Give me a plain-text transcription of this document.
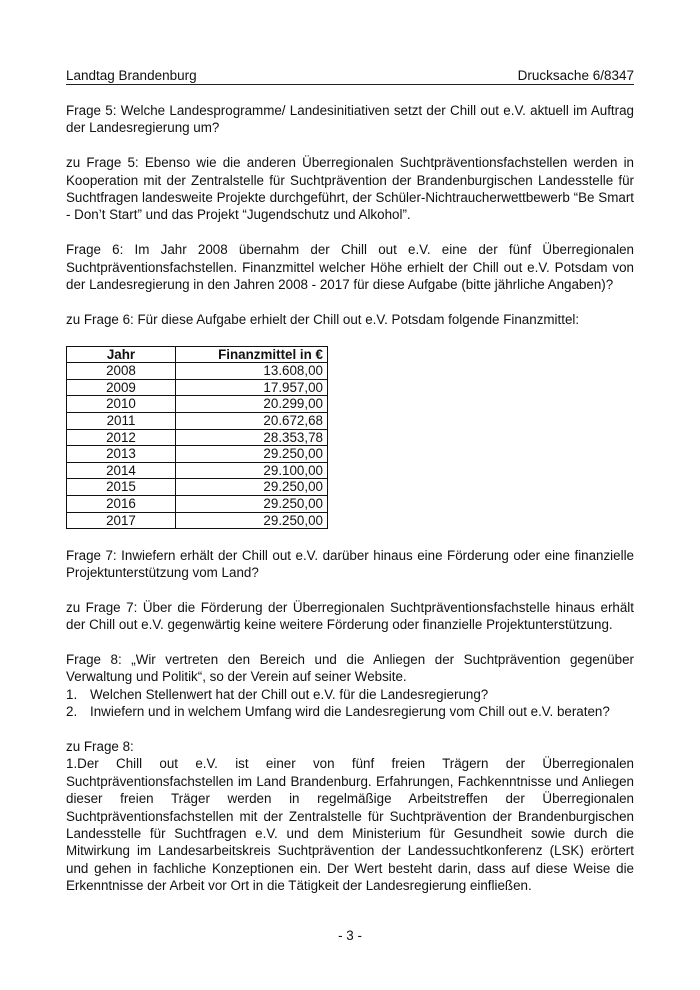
Landtag Brandenburg	Drucksache 6/8347

Frage 5: Welche Landesprogramme/ Landesinitiativen setzt der Chill out e.V. aktuell im Auftrag der Landesregierung um?

zu Frage 5: Ebenso wie die anderen Überregionalen Suchtpräventionsfachstellen werden in Kooperation mit der Zentralstelle für Suchtprävention der Brandenburgischen Landesstelle für Suchtfragen landesweite Projekte durchgeführt, der Schüler-Nichtraucherwettbewerb “Be Smart - Don’t Start” und das Projekt “Jugendschutz und Alkohol”.

Frage 6: Im Jahr 2008 übernahm der Chill out e.V. eine der fünf Überregionalen Suchtpräventionsfachstellen. Finanzmittel welcher Höhe erhielt der Chill out e.V. Potsdam von der Landesregierung in den Jahren 2008 - 2017 für diese Aufgabe (bitte jährliche Angaben)?

zu Frage 6: Für diese Aufgabe erhielt der Chill out e.V. Potsdam folgende Finanzmittel:

Jahr	Finanzmittel in €
2008	13.608,00
2009	17.957,00
2010	20.299,00
2011	20.672,68
2012	28.353,78
2013	29.250,00
2014	29.100,00
2015	29.250,00
2016	29.250,00
2017	29.250,00

Frage 7: Inwiefern erhält der Chill out e.V. darüber hinaus eine Förderung oder eine finanzielle Projektunterstützung vom Land?

zu Frage 7: Über die Förderung der Überregionalen Suchtpräventionsfachstelle hinaus erhält der Chill out e.V. gegenwärtig keine weitere Förderung oder finanzielle Projektunterstützung.

Frage 8: „Wir vertreten den Bereich und die Anliegen der Suchtprävention gegenüber Verwaltung und Politik“, so der Verein auf seiner Website.

1. Welchen Stellenwert hat der Chill out e.V. für die Landesregierung?
2. Inwiefern und in welchem Umfang wird die Landesregierung vom Chill out e.V. beraten?

zu Frage 8:

1.Der Chill out e.V. ist einer von fünf freien Trägern der Überregionalen Suchtpräventionsfachstellen im Land Brandenburg. Erfahrungen, Fachkenntnisse und Anliegen dieser freien Träger werden in regelmäßige Arbeitstreffen der Überregionalen Suchtpräventionsfachstellen mit der Zentralstelle für Suchtprävention der Brandenburgischen Landesstelle für Suchtfragen e.V. und dem Ministerium für Gesundheit sowie durch die Mitwirkung im Landesarbeitskreis Suchtprävention der Landessuchtkonferenz (LSK) erörtert und gehen in fachliche Konzeptionen ein. Der Wert besteht darin, dass auf diese Weise die Erkenntnisse der Arbeit vor Ort in die Tätigkeit der Landesregierung einfließen.

- 3 -
